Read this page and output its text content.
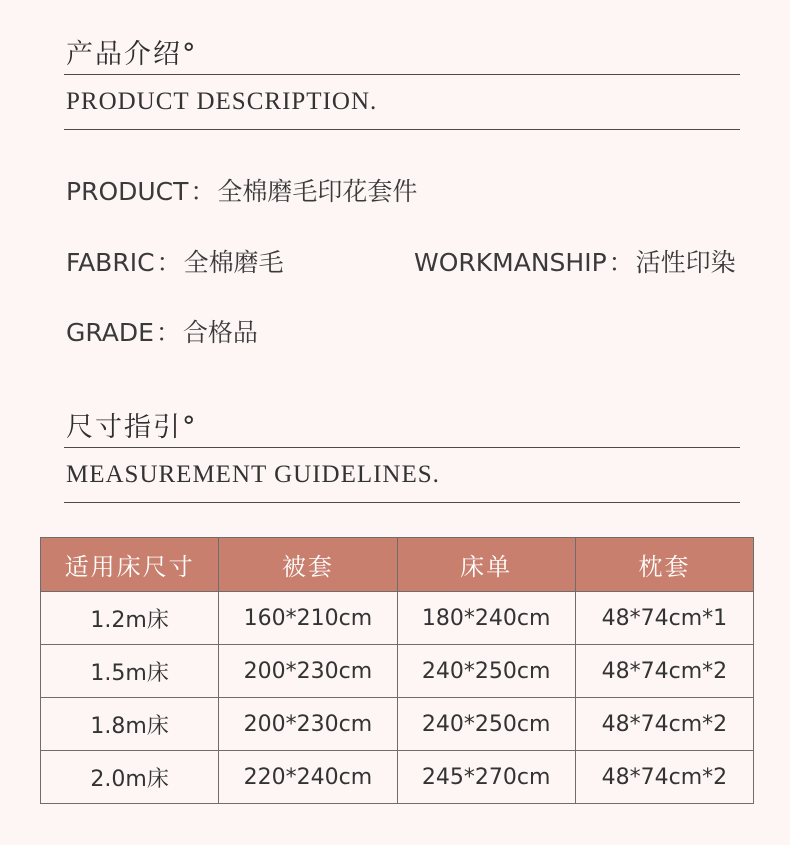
产品介绍°
PRODUCT DESCRIPTION.
PRODUCT：全棉磨毛印花套件
FABRIC：全棉磨毛	WORKMANSHIP：活性印染
GRADE：合格品
尺寸指引°
MEASUREMENT GUIDELINES.
适用床尺寸	被套	床单	枕套
1.2m床	160*210cm	180*240cm	48*74cm*1
1.5m床	200*230cm	240*250cm	48*74cm*2
1.8m床	200*230cm	240*250cm	48*74cm*2
2.0m床	220*240cm	245*270cm	48*74cm*2
